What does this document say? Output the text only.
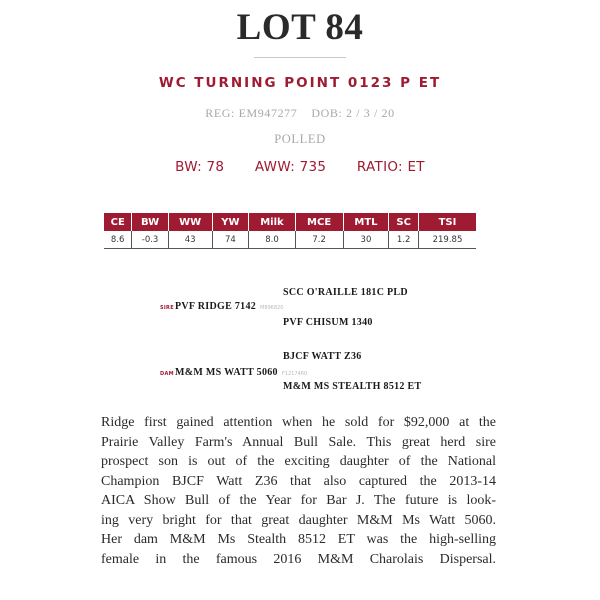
LOT 84
WC TURNING POINT 0123 P ET
REG: EM947277 DOB: 2 / 3 / 20
POLLED
BW: 78 AWW: 735 RATIO: ET
CE	BW	WW	YW	Milk	MCE	MTL	SC	TSI
8.6	-0.3	43	74	8.0	7.2	30	1.2	219.85
SCC O'RAILLE 181C PLD
SIRE PVF RIDGE 7142 M896820
PVF CHISUM 1340
BJCF WATT Z36
DAM M&M MS WATT 5060 F1217460
M&M MS STEALTH 8512 ET
Ridge first gained attention when he sold for $92,000 at the
Prairie Valley Farm's Annual Bull Sale. This great herd sire
prospect son is out of the exciting daughter of the National
Champion BJCF Watt Z36 that also captured the 2013-14
AICA Show Bull of the Year for Bar J. The future is look-
ing very bright for that great daughter M&M Ms Watt 5060.
Her dam M&M Ms Stealth 8512 ET was the high-selling
female in the famous 2016 M&M Charolais Dispersal.
